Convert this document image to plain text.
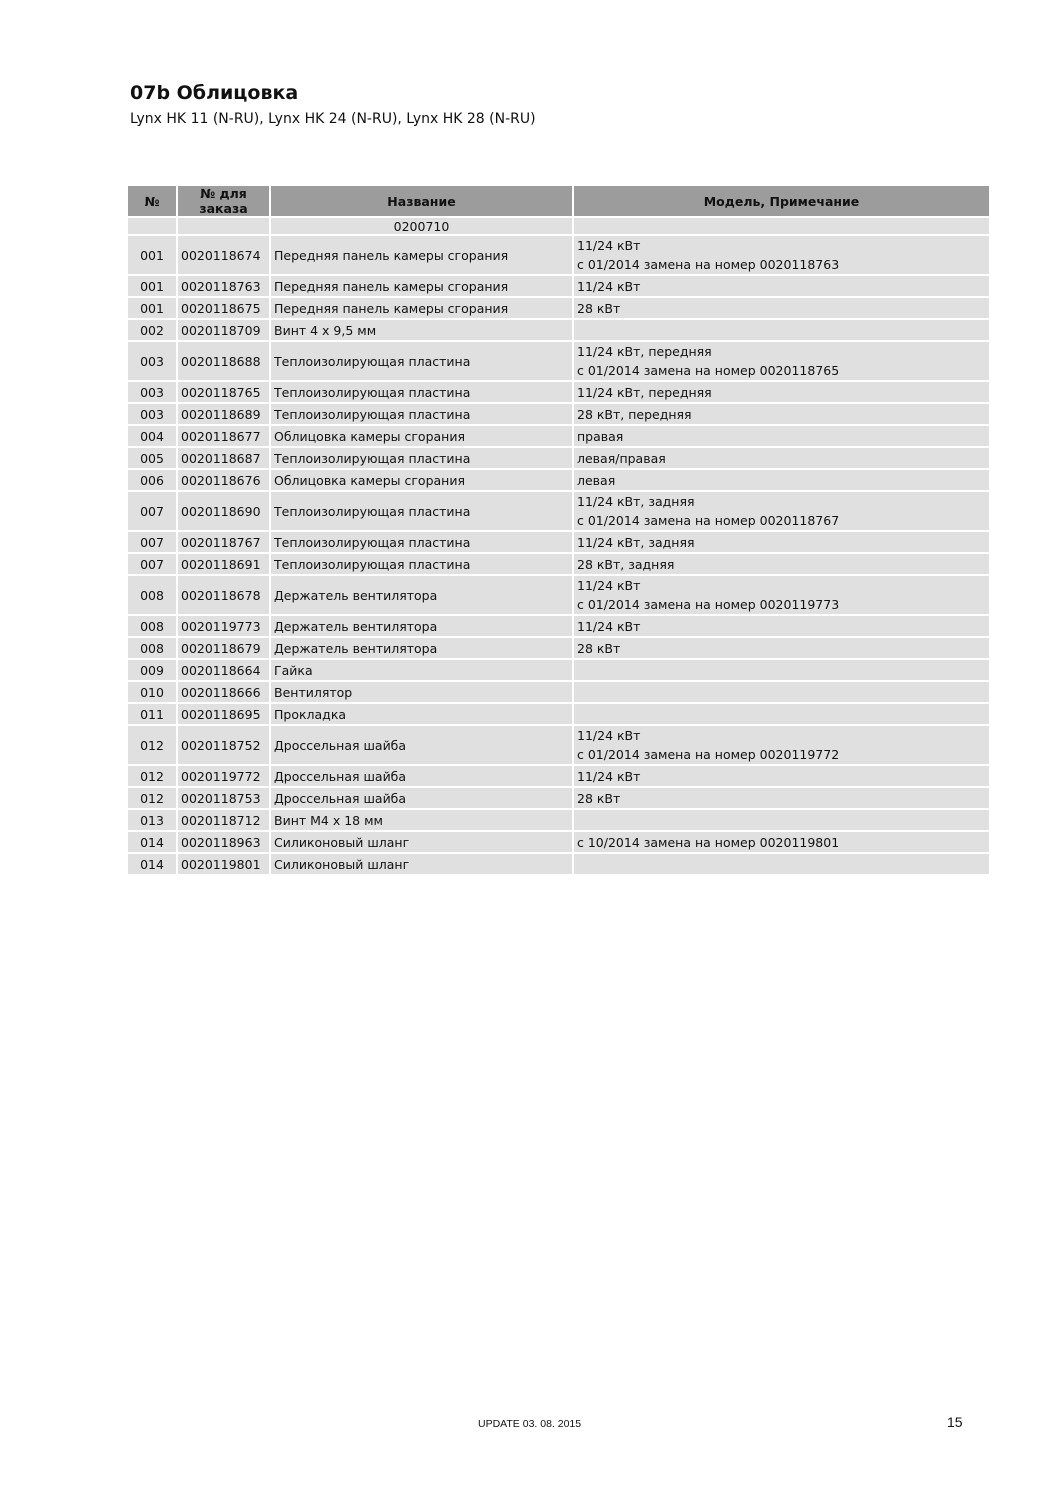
07b Облицовка
Lynx HK 11 (N-RU), Lynx HK 24 (N-RU), Lynx HK 28 (N-RU)
№	№ для заказа	Название	Модель, Примечание
		0200710	
001	0020118674	Передняя панель камеры сгорания	11/24 кВт
с 01/2014 замена на номер 0020118763

001	0020118763	Передняя панель камеры сгорания	11/24 кВт

001	0020118675	Передняя панель камеры сгорания	28 кВт

002	0020118709	Винт 4 x 9,5 мм	

003	0020118688	Теплоизолирующая пластина	11/24 кВт, передняя
с 01/2014 замена на номер 0020118765

003	0020118765	Теплоизолирующая пластина	11/24 кВт, передняя

003	0020118689	Теплоизолирующая пластина	28 кВт, передняя

004	0020118677	Облицовка камеры сгорания	правая

005	0020118687	Теплоизолирующая пластина	левая/правая

006	0020118676	Облицовка камеры сгорания	левая

007	0020118690	Теплоизолирующая пластина	11/24 кВт, задняя
с 01/2014 замена на номер 0020118767

007	0020118767	Теплоизолирующая пластина	11/24 кВт, задняя

007	0020118691	Теплоизолирующая пластина	28 кВт, задняя

008	0020118678	Держатель вентилятора	11/24 кВт
с 01/2014 замена на номер 0020119773

008	0020119773	Держатель вентилятора	11/24 кВт

008	0020118679	Держатель вентилятора	28 кВт

009	0020118664	Гайка	

010	0020118666	Вентилятор	

011	0020118695	Прокладка	

012	0020118752	Дроссельная шайба	11/24 кВт
с 01/2014 замена на номер 0020119772

012	0020119772	Дроссельная шайба	11/24 кВт

012	0020118753	Дроссельная шайба	28 кВт

013	0020118712	Винт M4 x 18 мм	

014	0020118963	Силиконовый шланг	с 10/2014 замена на номер 0020119801

014	0020119801	Силиконовый шланг	
UPDATE 03. 08. 2015	15
